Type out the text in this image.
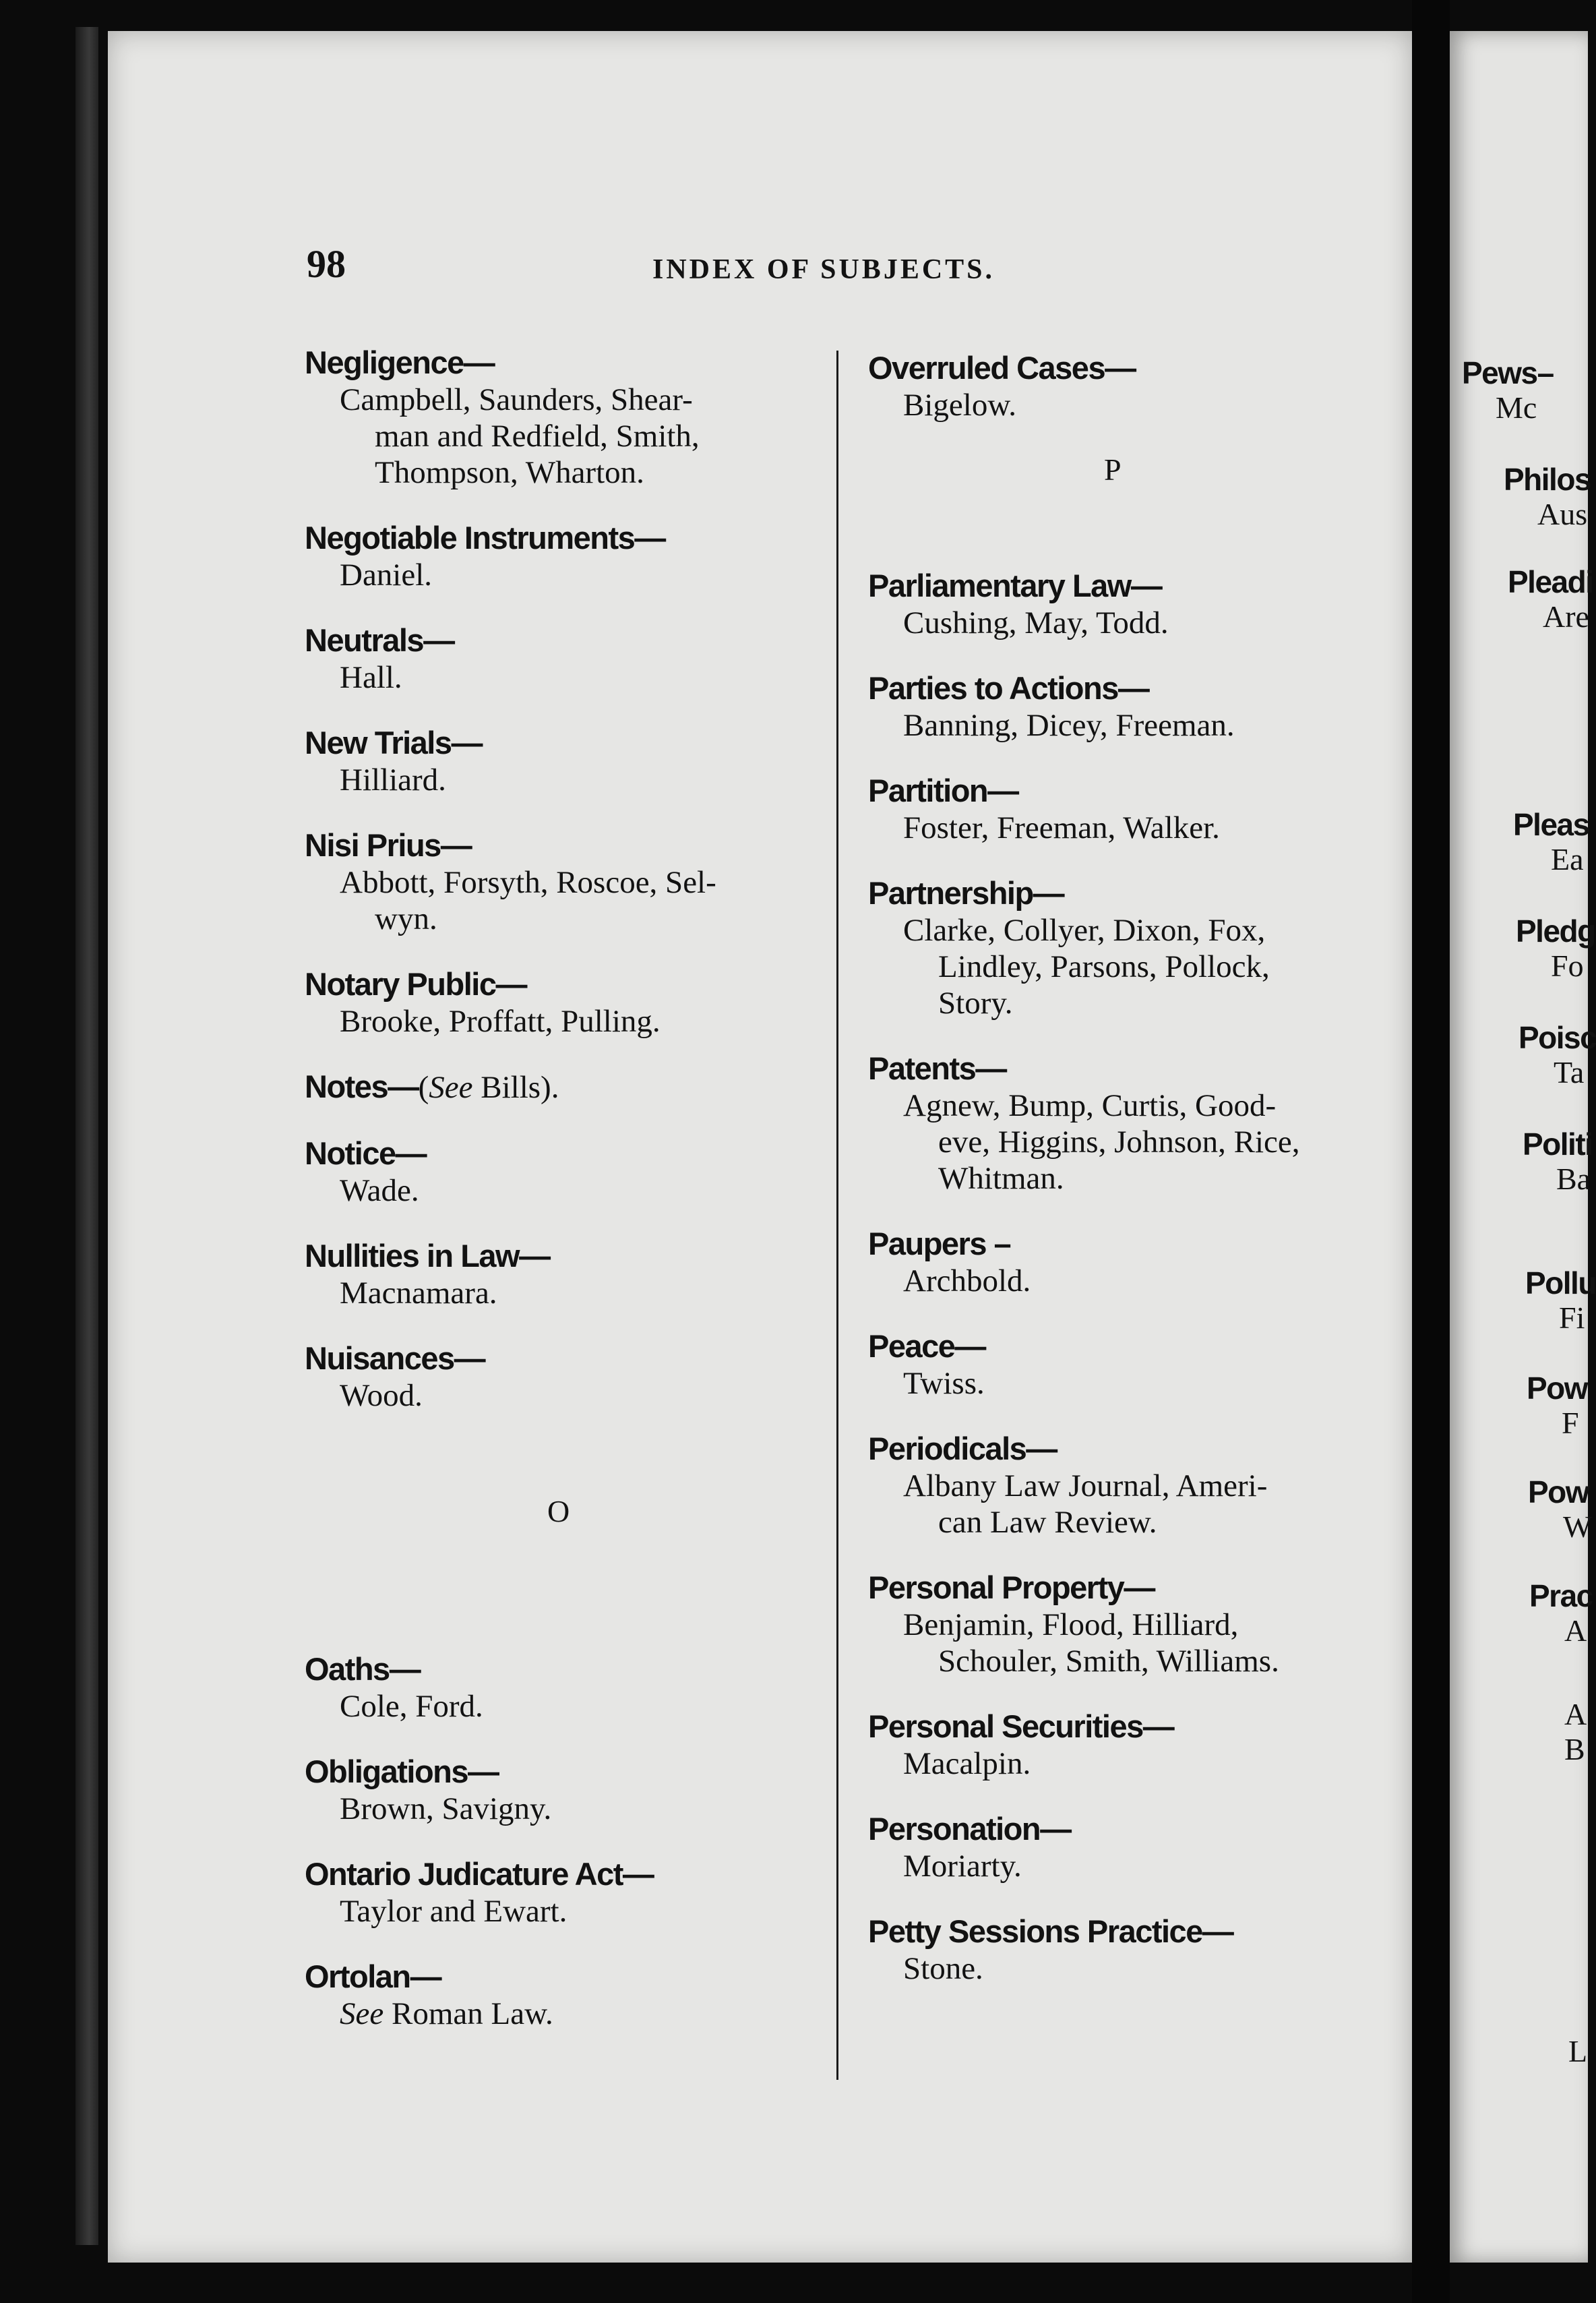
98	INDEX OF SUBJECTS.
Negligence—
Campbell, Saunders, Shear-
man and Redfield, Smith,
Thompson, Wharton.
Negotiable Instruments—
Daniel.
Neutrals—
Hall.
New Trials—
Hilliard.
Nisi Prius—
Abbott, Forsyth, Roscoe, Sel-
wyn.
Notary Public—
Brooke, Proffatt, Pulling.
Notes—(See Bills).
Notice—
Wade.
Nullities in Law—
Macnamara.
Nuisances—
Wood.
O
Oaths—
Cole, Ford.
Obligations—
Brown, Savigny.
Ontario Judicature Act—
Taylor and Ewart.
Ortolan—
See Roman Law.
Overruled Cases—
Bigelow.
P
Parliamentary Law—
Cushing, May, Todd.
Parties to Actions—
Banning, Dicey, Freeman.
Partition—
Foster, Freeman, Walker.
Partnership—
Clarke, Collyer, Dixon, Fox,
Lindley, Parsons, Pollock,
Story.
Patents—
Agnew, Bump, Curtis, Good-
eve, Higgins, Johnson, Rice,
Whitman.
Paupers –
Archbold.
Peace—
Twiss.
Periodicals—
Albany Law Journal, Ameri-
can Law Review.
Personal Property—
Benjamin, Flood, Hilliard,
Schouler, Smith, Williams.
Personal Securities—
Macalpin.
Personation—
Moriarty.
Petty Sessions Practice—
Stone.
Pews–
Mc
Philos
Aus
Pleadi
Are
Pleas
Ea
Pledg
Fo
Poisc
Ta
Politi
Ba
Pollu
Fi
Pow
F
Pow
W
Prac
A
A
B
L
